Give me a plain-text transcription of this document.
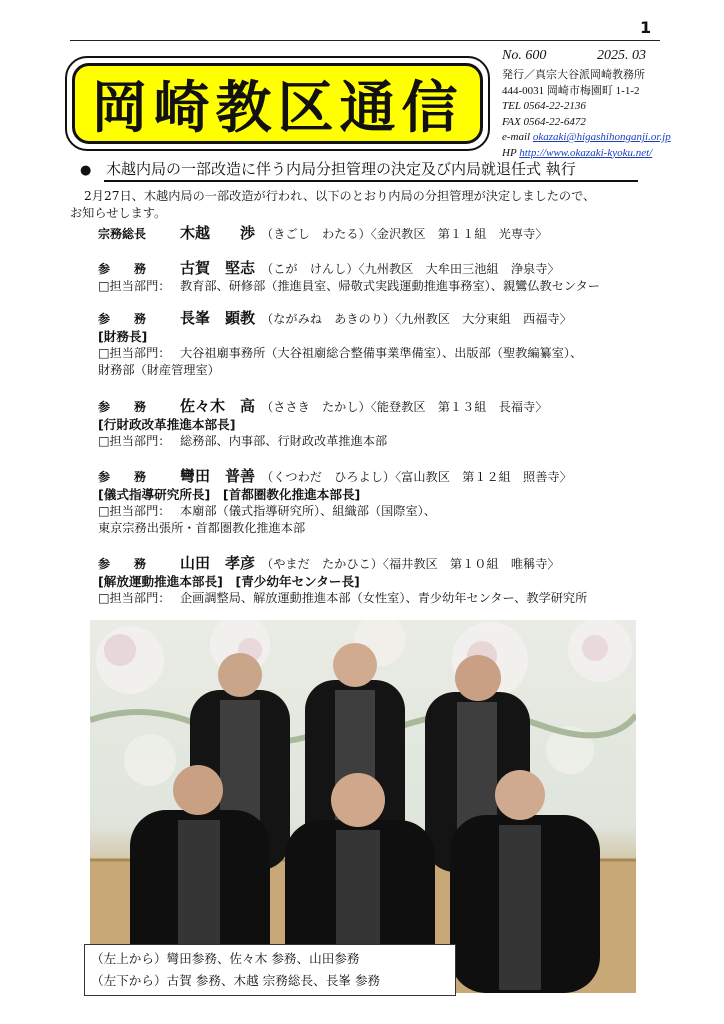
1
岡崎教区通信
No. 600	2025. 03
発行／真宗大谷派岡崎教務所
444-0031 岡崎市梅園町 1-1-2
TEL 0564-22-2136
FAX 0564-22-6472
e-mail okazaki@higashihonganji.or.jp
HP http://www.okazaki-kyoku.net/
● 木越内局の一部改造に伴う内局分担管理の決定及び内局就退任式 執行
2月27日、木越内局の一部改造が行われ、以下のとおり内局の分担管理が決定しましたので、
お知らせします。
宗務総長 木越　　渉 （きごし　わたる）〈金沢教区　第１１組　光専寺〉
参　　務 古賀　堅志 （こが　けんし）〈九州教区　大牟田三池組　浄泉寺〉
□担当部門： 教育部、研修部（推進員室、帰敬式実践運動推進事務室）、親鸞仏教センター
参　　務 長峯　顕教 （ながみね　あきのり）〈九州教区　大分東組　西福寺〉
[財務長]
□担当部門： 大谷祖廟事務所（大谷祖廟総合整備事業準備室）、出版部（聖教編纂室）、
財務部（財産管理室）
参　　務 佐々木　高 （ささき　たかし）〈能登教区　第１３組　長福寺〉
[行財政改革推進本部長]
□担当部門： 総務部、内事部、行財政改革推進本部
参　　務 彎田　普善 （くつわだ　ひろよし）〈富山教区　第１２組　照善寺〉
[儀式指導研究所長]　[首都圏教化推進本部長]
□担当部門： 本廟部（儀式指導研究所）、組織部（国際室）、
東京宗務出張所・首都圏教化推進本部
参　　務 山田　孝彦 （やまだ　たかひこ）〈福井教区　第１０組　唯稱寺〉
[解放運動推進本部長]　[青少幼年センター長]
□担当部門： 企画調整局、解放運動推進本部（女性室）、青少幼年センター、教学研究所
（左上から）彎田参務、佐々木 参務、山田参務
（左下から）古賀 参務、木越 宗務総長、長峯 参務
